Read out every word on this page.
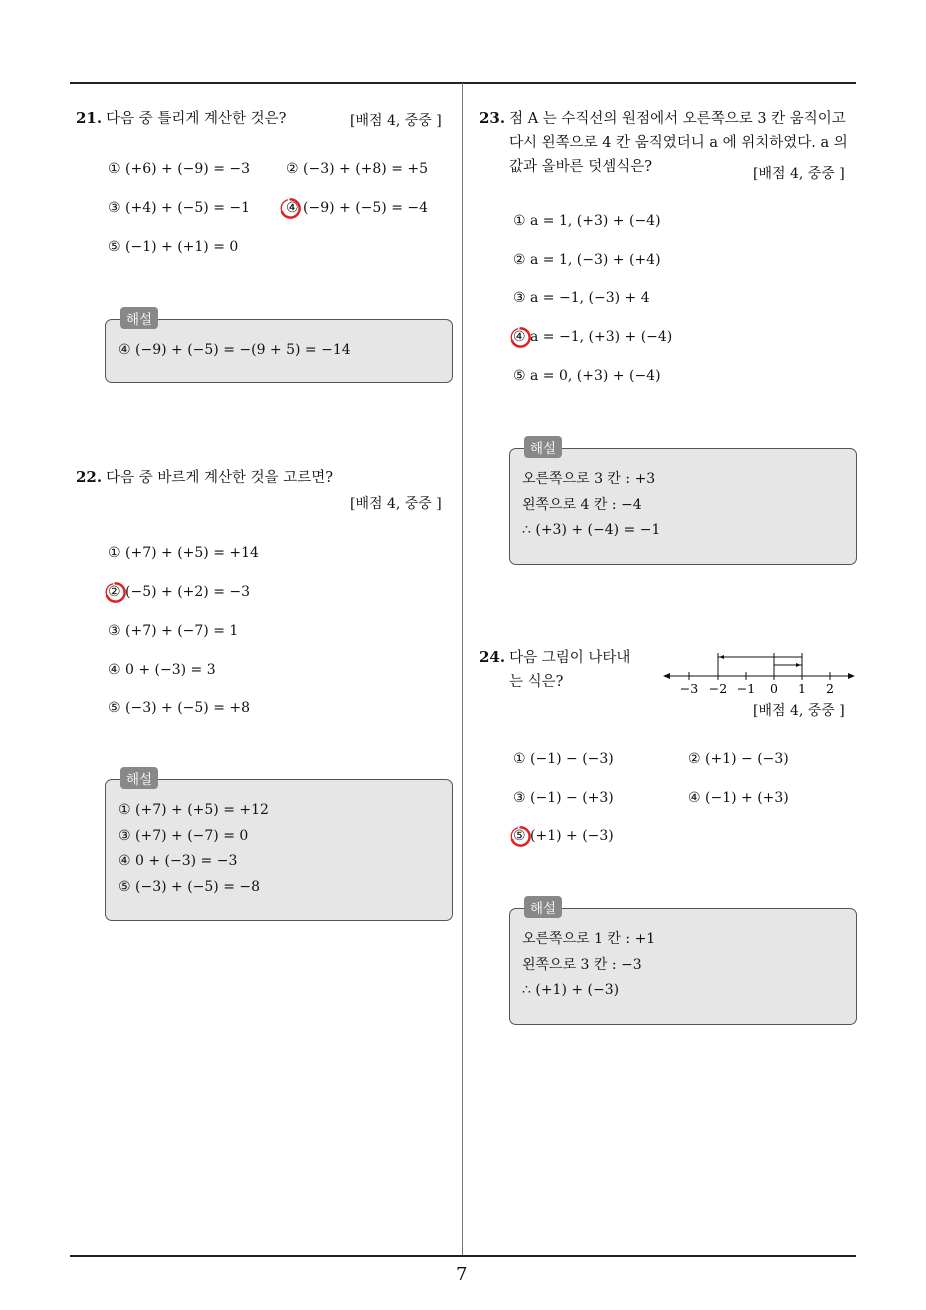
7
21. 다음 중 틀리게 계산한 것은?	[배점 4, 중중 ]
① (+6) + (−9) = −3	② (−3) + (+8) = +5
③ (+4) + (−5) = −1	④ (−9) + (−5) = −4
⑤ (−1) + (+1) = 0
해설
④ (−9) + (−5) = −(9 + 5) = −14
22. 다음 중 바르게 계산한 것을 고르면?
[배점 4, 중중 ]
① (+7) + (+5) = +14
② (−5) + (+2) = −3
③ (+7) + (−7) = 1
④ 0 + (−3) = 3
⑤ (−3) + (−5) = +8
해설
① (+7) + (+5) = +12
③ (+7) + (−7) = 0
④ 0 + (−3) = −3
⑤ (−3) + (−5) = −8
23. 점 A 는 수직선의 원점에서 오른쪽으로 3 칸 움직이고
다시 왼쪽으로 4 칸 움직였더니 a 에 위치하였다. a 의
값과 올바른 덧셈식은?	[배점 4, 중중 ]
① a = 1, (+3) + (−4)
② a = 1, (−3) + (+4)
③ a = −1, (−3) + 4
④ a = −1, (+3) + (−4)
⑤ a = 0, (+3) + (−4)
해설
오른쪽으로 3 칸 : +3
왼쪽으로 4 칸 : −4
∴ (+3) + (−4) = −1
24. 다음 그림이 나타내
는 식은?	−3 −2 −1 0 1 2
[배점 4, 중중 ]
① (−1) − (−3)	② (+1) − (−3)
③ (−1) − (+3)	④ (−1) + (+3)
⑤ (+1) + (−3)
해설
오른쪽으로 1 칸 : +1
왼쪽으로 3 칸 : −3
∴ (+1) + (−3)
